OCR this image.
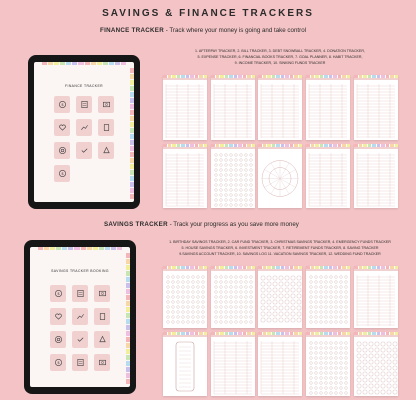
SAVINGS & FINANCE TRACKERS
FINANCE TRACKER - Track where your money is going and take control
1. AFTERPAY TRACKER, 2. BILL TRACKER, 3. DEBT SNOWBALL TRACKER, 4. DONATION TRACKER,
5. EXPENSE TRACKER, 6. FINANCIAL BOOKS TRACKER, 7. GOAL PLANNER, 8. HABIT TRACKER,
9. INCOME TRACKER, 10. SINKING FUNDS TRACKER
SAVINGS TRACKER - Track your progress as you save more money
1. BIRTHDAY SAVINGS TRACKER, 2. CAR FUND TRACKER, 3. CHRISTMAS SAVINGS TRACKER, 4. EMERGENCY FUNDS TRACKER
5. HOUSE SAVINGS TRACKER, 6. INVESTMENT TRACKER, 7. RETIREMENT FUNDS TRACKER, 8. SAVING TRACKER
9.SAVINGS ACCOUNT TRACKER, 10. SAVINGS LOG 11. VACATION SAVINGS TRACKER, 12. WEDDING FUND TRACKER
FINANCE TRACKER
$
$
SAVINGS TRACKER BOOKING
$
$
